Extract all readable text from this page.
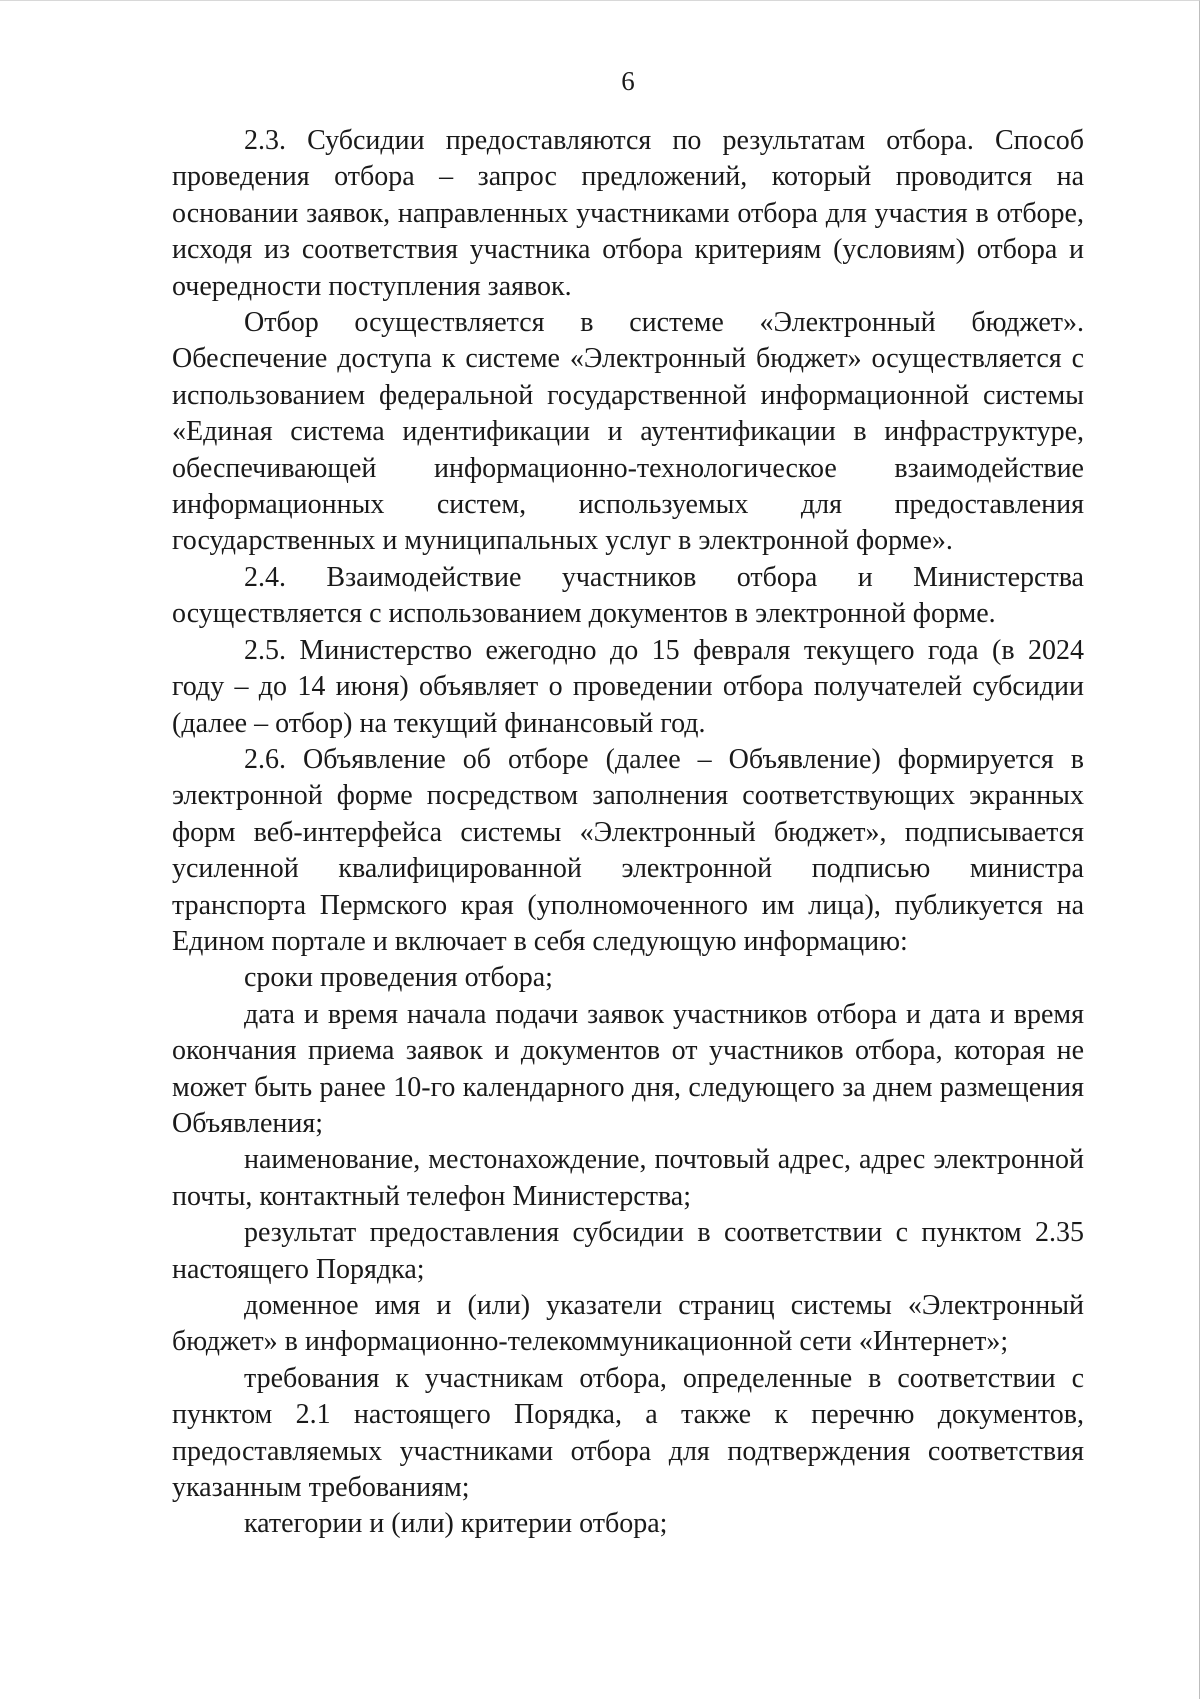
6

2.3. Субсидии предоставляются по результатам отбора. Способ проведения отбора – запрос предложений, который проводится на основании заявок, направленных участниками отбора для участия в отборе, исходя из соответствия участника отбора критериям (условиям) отбора и очередности поступления заявок.

Отбор осуществляется в системе «Электронный бюджет». Обеспечение доступа к системе «Электронный бюджет» осуществляется с использованием федеральной государственной информационной системы «Единая система идентификации и аутентификации в инфраструктуре, обеспечивающей информационно-технологическое взаимодействие информационных систем, используемых для предоставления государственных и муниципальных услуг в электронной форме».

2.4. Взаимодействие участников отбора и Министерства осуществляется с использованием документов в электронной форме.

2.5. Министерство ежегодно до 15 февраля текущего года (в 2024 году – до 14 июня) объявляет о проведении отбора получателей субсидии (далее – отбор) на текущий финансовый год.

2.6. Объявление об отборе (далее – Объявление) формируется в электронной форме посредством заполнения соответствующих экранных форм веб-интерфейса системы «Электронный бюджет», подписывается усиленной квалифицированной электронной подписью министра транспорта Пермского края (уполномоченного им лица), публикуется на Едином портале и включает в себя следующую информацию:

сроки проведения отбора;

дата и время начала подачи заявок участников отбора и дата и время окончания приема заявок и документов от участников отбора, которая не может быть ранее 10-го календарного дня, следующего за днем размещения Объявления;

наименование, местонахождение, почтовый адрес, адрес электронной почты, контактный телефон Министерства;

результат предоставления субсидии в соответствии с пунктом 2.35 настоящего Порядка;

доменное имя и (или) указатели страниц системы «Электронный бюджет» в информационно-телекоммуникационной сети «Интернет»;

требования к участникам отбора, определенные в соответствии с пунктом 2.1 настоящего Порядка, а также к перечню документов, предоставляемых участниками отбора для подтверждения соответствия указанным требованиям;

категории и (или) критерии отбора;
